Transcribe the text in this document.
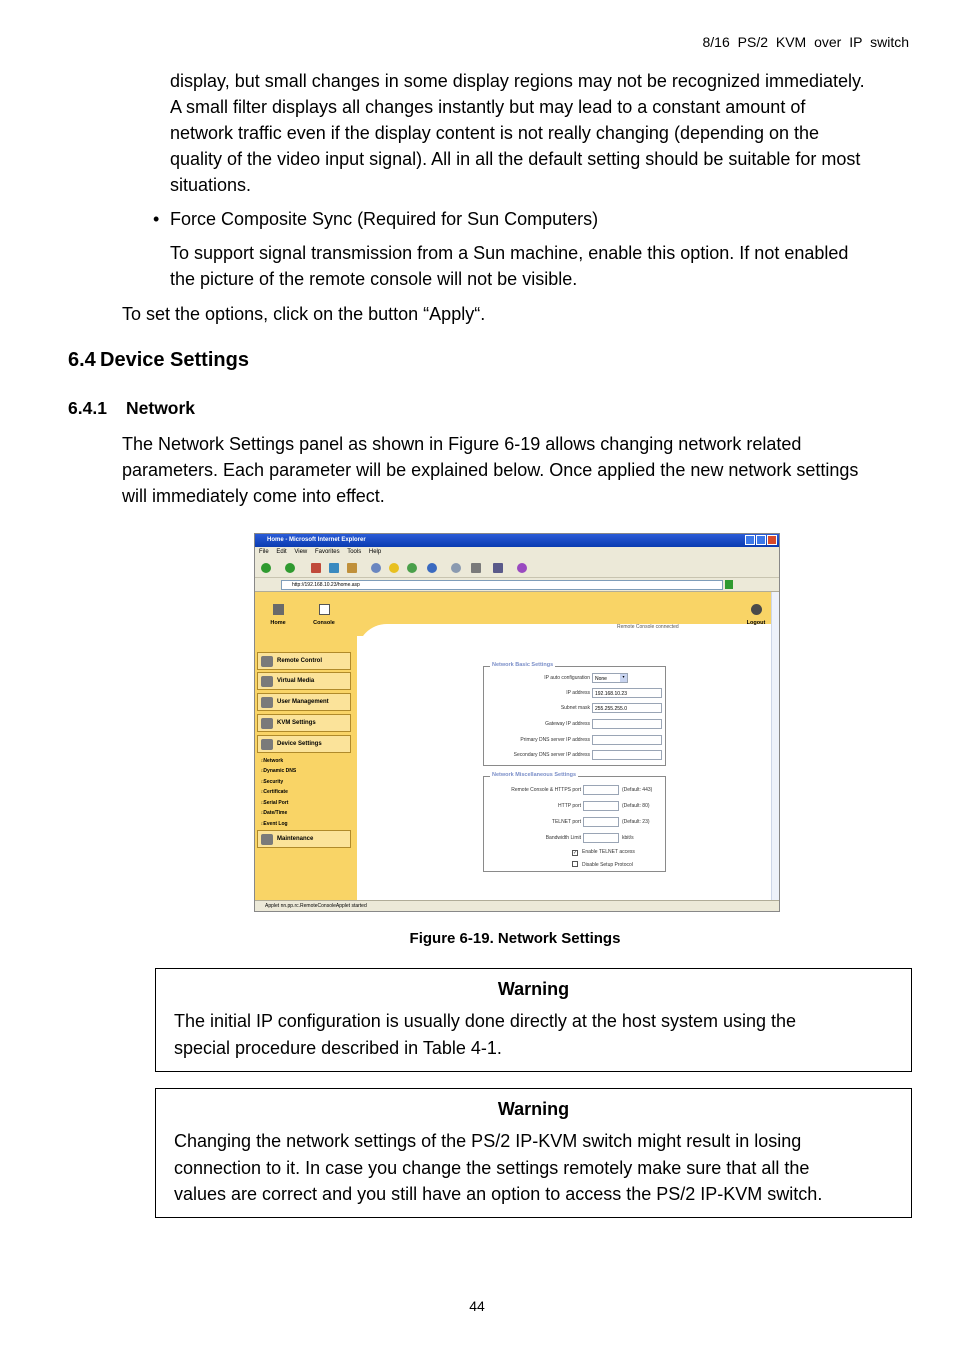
8/16 PS/2 KVM over IP switch
display, but small changes in some display regions may not be recognized immediately.
A small filter displays all changes instantly but may lead to a constant amount of
network traffic even if the display content is not really changing (depending on the
quality of the video input signal). All in all the default setting should be suitable for most
situations.
• Force Composite Sync (Required for Sun Computers)
To support signal transmission from a Sun machine, enable this option. If not enabled
the picture of the remote console will not be visible.
To set the options, click on the button “Apply“.
6.4 Device Settings
6.4.1 Network
The Network Settings panel as shown in Figure 6-19 allows changing network related
parameters. Each parameter will be explained below. Once applied the new network settings
will immediately come into effect.
Home - Microsoft Internet Explorer
File Edit View Favorites Tools Help
http://192.168.10.23/home.asp
Home	Console
Remote Console connected
Logout
Remote Control
Virtual Media
User Management
KVM Settings
Device Settings
□ Network
□ Dynamic DNS
□ Security
□ Certificate
□ Serial Port
□ Date/Time
□ Event Log
Maintenance
Network Basic Settings
IP auto configuration	None	▾
IP address	192.168.10.23
Subnet mask	255.255.255.0
Gateway IP address
Primary DNS server IP address
Secondary DNS server IP address
Network Miscellaneous Settings
Remote Console & HTTPS port	(Default: 443)
HTTP port	(Default: 80)
TELNET port	(Default: 23)
Bandwidth Limit	kbit/s
✓ Enable TELNET access
Disable Setup Protocol
Applet nn.pp.rc.RemoteConsoleApplet started
Figure 6-19. Network Settings
Warning
The initial IP configuration is usually done directly at the host system using the
special procedure described in Table 4-1.
Warning
Changing the network settings of the PS/2 IP-KVM switch might result in losing
connection to it. In case you change the settings remotely make sure that all the
values are correct and you still have an option to access the PS/2 IP-KVM switch.
44
